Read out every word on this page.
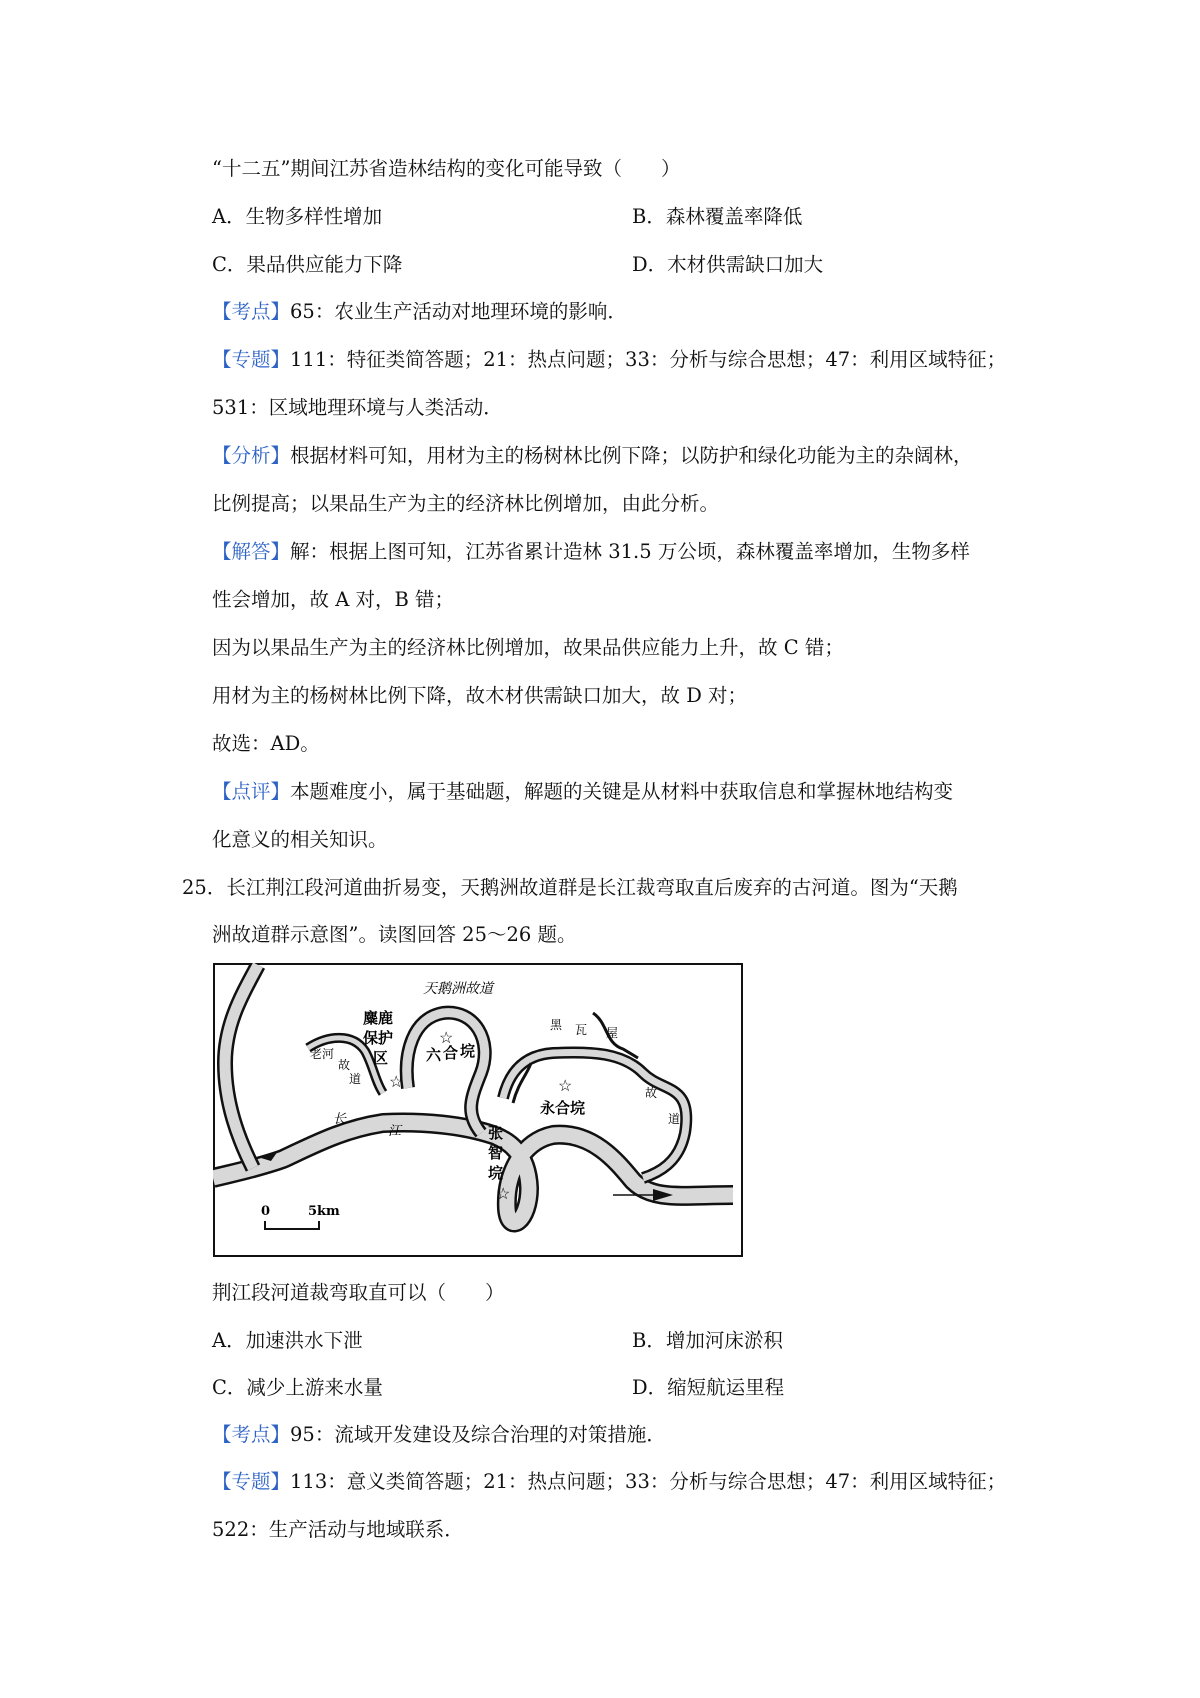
“十二五”期间江苏省造林结构的变化可能导致（　　）
A．生物多样性增加	B．森林覆盖率降低
C．果品供应能力下降	D．木材供需缺口加大
【考点】65：农业生产活动对地理环境的影响．
【专题】111：特征类简答题；21：热点问题；33：分析与综合思想；47：利用区域特征；
531：区域地理环境与人类活动．
【分析】根据材料可知，用材为主的杨树林比例下降；以防护和绿化功能为主的杂阔林，
比例提高；以果品生产为主的经济林比例增加，由此分析。
【解答】解：根据上图可知，江苏省累计造林 31.5 万公顷，森林覆盖率增加，生物多样
性会增加，故 A 对，B 错；
因为以果品生产为主的经济林比例增加，故果品供应能力上升，故 C 错；
用材为主的杨树林比例下降，故木材供需缺口加大，故 D 对；
故选：AD。
【点评】本题难度小，属于基础题，解题的关键是从材料中获取信息和掌握林地结构变
化意义的相关知识。
25．长江荆江段河道曲折易变，天鹅洲故道群是长江裁弯取直后废弃的古河道。图为“天鹅
洲故道群示意图”。读图回答 25～26 题。
☆
☆	☆
☆
天鹅洲故道
麋鹿
保护
区	六 合 垸
老河
故
道
黑 瓦 屋
故
道
永合垸
长
江	张
智
垸
0	5km
荆江段河道裁弯取直可以（　　）
A．加速洪水下泄	B．增加河床淤积
C．减少上游来水量	D．缩短航运里程
【考点】95：流域开发建设及综合治理的对策措施．
【专题】113：意义类简答题；21：热点问题；33：分析与综合思想；47：利用区域特征；
522：生产活动与地域联系．
